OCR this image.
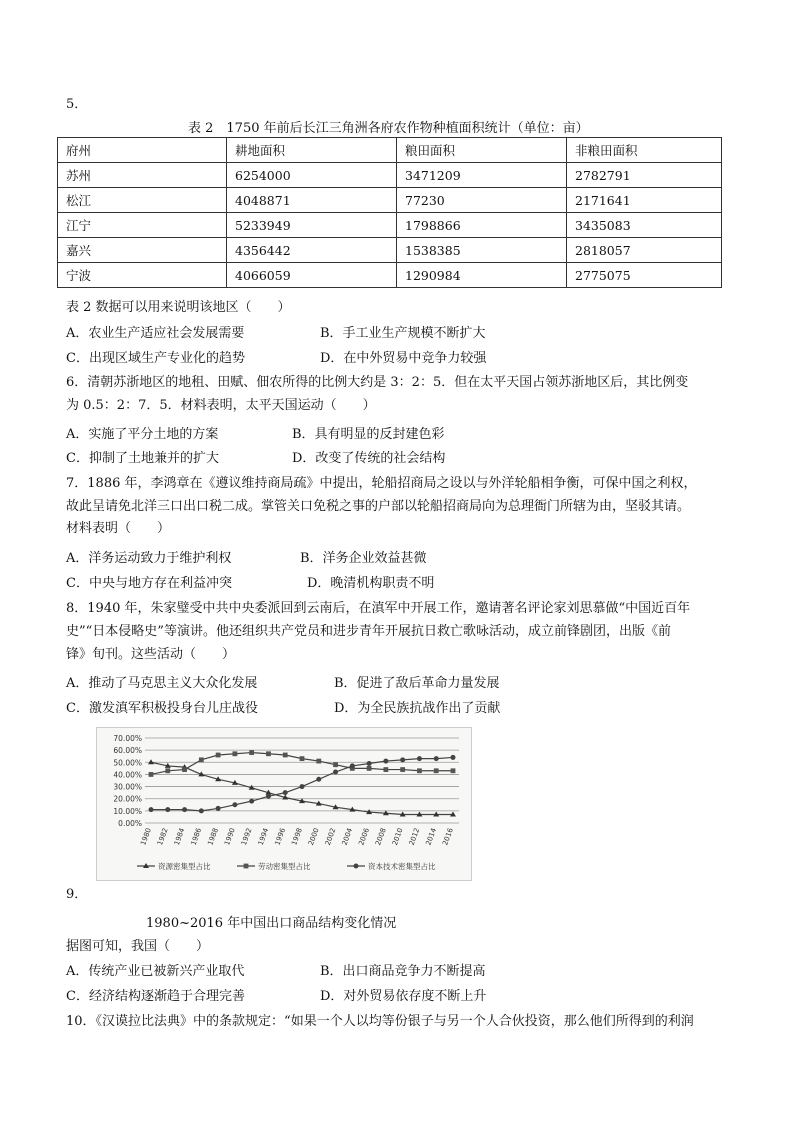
5．
表 2　1750 年前后长江三角洲各府农作物种植面积统计（单位：亩）
府州	耕地面积	粮田面积	非粮田面积
苏州	6254000	3471209	2782791
松江	4048871	77230	2171641
江宁	5233949	1798866	3435083
嘉兴	4356442	1538385	2818057
宁波	4066059	1290984	2775075
表 2 数据可以用来说明该地区（　　）
A．农业生产适应社会发展需要	B．手工业生产规模不断扩大
C．出现区域生产专业化的趋势	D．在中外贸易中竞争力较强
6．清朝苏浙地区的地租、田赋、佃农所得的比例大约是 3：2：5．但在太平天国占领苏浙地区后，其比例变
为 0.5：2：7．5．材料表明，太平天国运动（　　）
A．实施了平分土地的方案	B．具有明显的反封建色彩
C．抑制了土地兼并的扩大	D．改变了传统的社会结构
7．1886 年，李鸿章在《遵议维持商局疏》中提出，轮船招商局之设以与外洋轮船相争衡，可保中国之利权，
故此呈请免北洋三口出口税二成。掌管关口免税之事的户部以轮船招商局向为总理衙门所辖为由，坚驳其请。
材料表明（　　）
A．洋务运动致力于维护利权	B．洋务企业效益甚微
C．中央与地方存在利益冲突	D．晚清机构职责不明
8．1940 年，朱家璧受中共中央委派回到云南后，在滇军中开展工作，邀请著名评论家刘思慕做“中国近百年
史”“日本侵略史”等演讲。他还组织共产党员和进步青年开展抗日救亡歌咏活动，成立前锋剧团，出版《前
锋》旬刊。这些活动（　　）
A．推动了马克思主义大众化发展	B．促进了敌后革命力量发展
C．激发滇军积极投身台儿庄战役	D．为全民族抗战作出了贡献
0.00%
10.00%
20.00%
30.00%
40.00%
50.00%
60.00%
70.00%
1980 1982 1984 1986 1988 1990 1992 1994 1996 1998 2000 2002 2004 2006 2008 2010 2012 2014 2016
资源密集型占比	劳动密集型占比	资本技术密集型占比
9．
1980~2016 年中国出口商品结构变化情况
据图可知，我国（　　）
A．传统产业已被新兴产业取代	B．出口商品竞争力不断提高
C．经济结构逐渐趋于合理完善	D．对外贸易依存度不断上升
10．《汉谟拉比法典》中的条款规定：“如果一个人以均等份银子与另一个人合伙投资，那么他们所得到的利润
